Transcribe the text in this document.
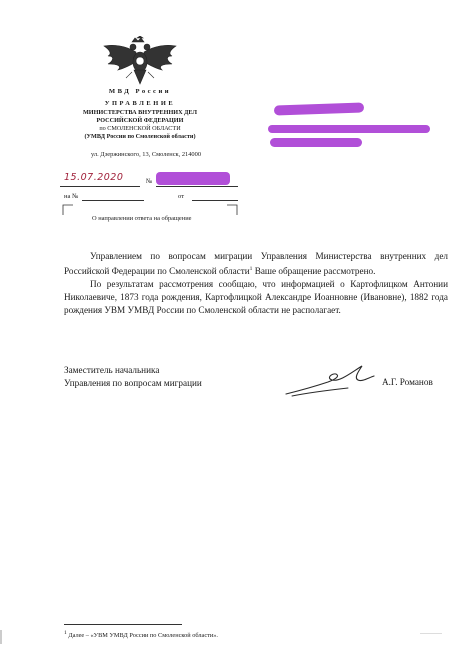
МВД России
УПРАВЛЕНИЕ
МИНИСТЕРСТВА ВНУТРЕННИХ ДЕЛ
РОССИЙСКОЙ ФЕДЕРАЦИИ
по СМОЛЕНСКОЙ ОБЛАСТИ
(УМВД России по Смоленской области)
ул. Дзержинского, 13, Смоленск, 214000
15.07.2020	№
на №	от
О направлении ответа на обращение

Управлением по вопросам миграции Управления Министерства внутренних дел Российской Федерации по Смоленской области$^1$ Ваше обращение рассмотрено.

По результатам рассмотрения сообщаю, что информацией о Картофлицком Антонии Николаевиче, 1873 года рождения, Картофлицкой Александре Иоанновне (Ивановне), 1882 года рождения УВМ УМВД России по Смоленской области не располагает.

Заместитель начальника
Управления по вопросам миграции	А.Г. Романов
$^1$ Далее – «УВМ УМВД России по Смоленской области».
